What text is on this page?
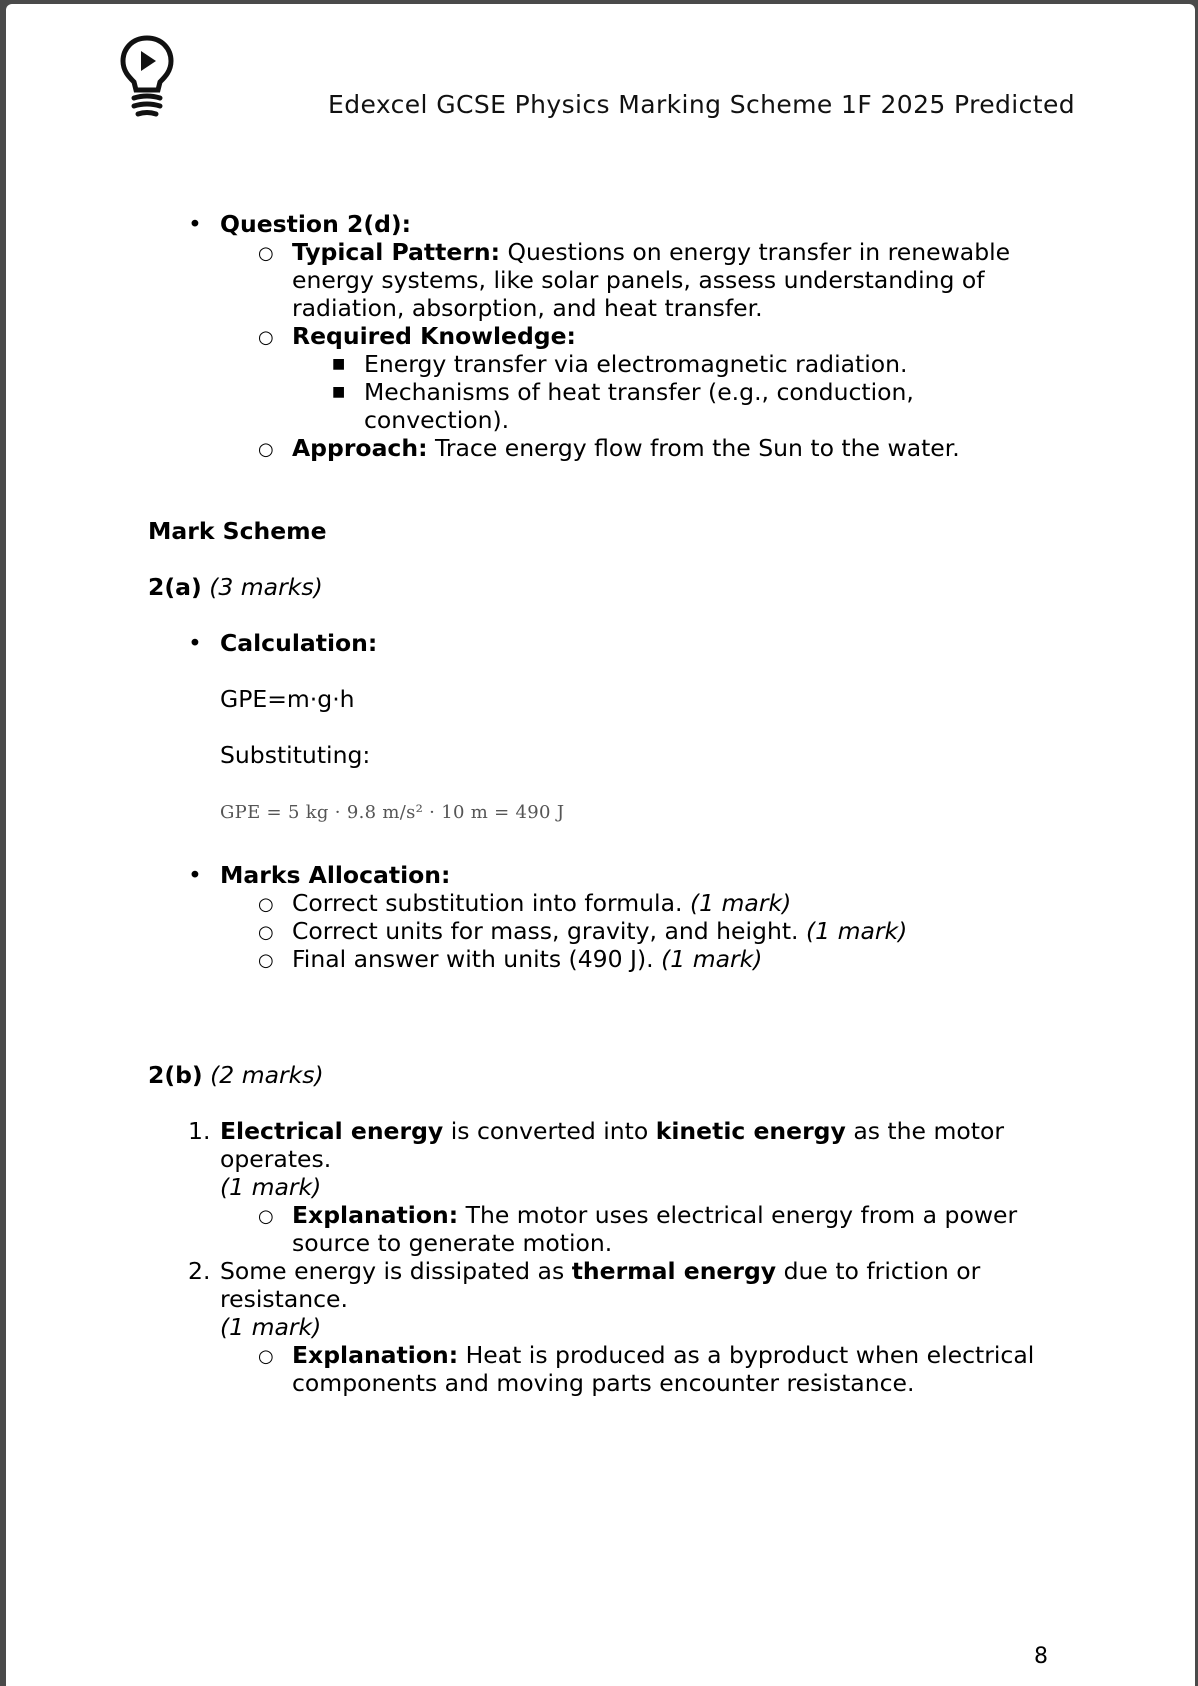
Edexcel GCSE Physics Marking Scheme 1F 2025 Predicted
• Question 2(d):
○ Typical Pattern: Questions on energy transfer in renewable energy systems, like solar panels, assess understanding of radiation, absorption, and heat transfer.
○ Required Knowledge:
■ Energy transfer via electromagnetic radiation.
■ Mechanisms of heat transfer (e.g., conduction, convection).
○ Approach: Trace energy flow from the Sun to the water.

Mark Scheme

2(a) (3 marks)

• Calculation:

GPE=m·g·h

Substituting:

GPE = 5 kg · 9.8 m/s² · 10 m = 490 J

• Marks Allocation:
○ Correct substitution into formula. (1 mark)
○ Correct units for mass, gravity, and height. (1 mark)
○ Final answer with units (490 J). (1 mark)

2(b) (2 marks)

1. Electrical energy is converted into kinetic energy as the motor operates.
(1 mark)
○ Explanation: The motor uses electrical energy from a power source to generate motion.
2. Some energy is dissipated as thermal energy due to friction or resistance.
(1 mark)
○ Explanation: Heat is produced as a byproduct when electrical components and moving parts encounter resistance.
8
